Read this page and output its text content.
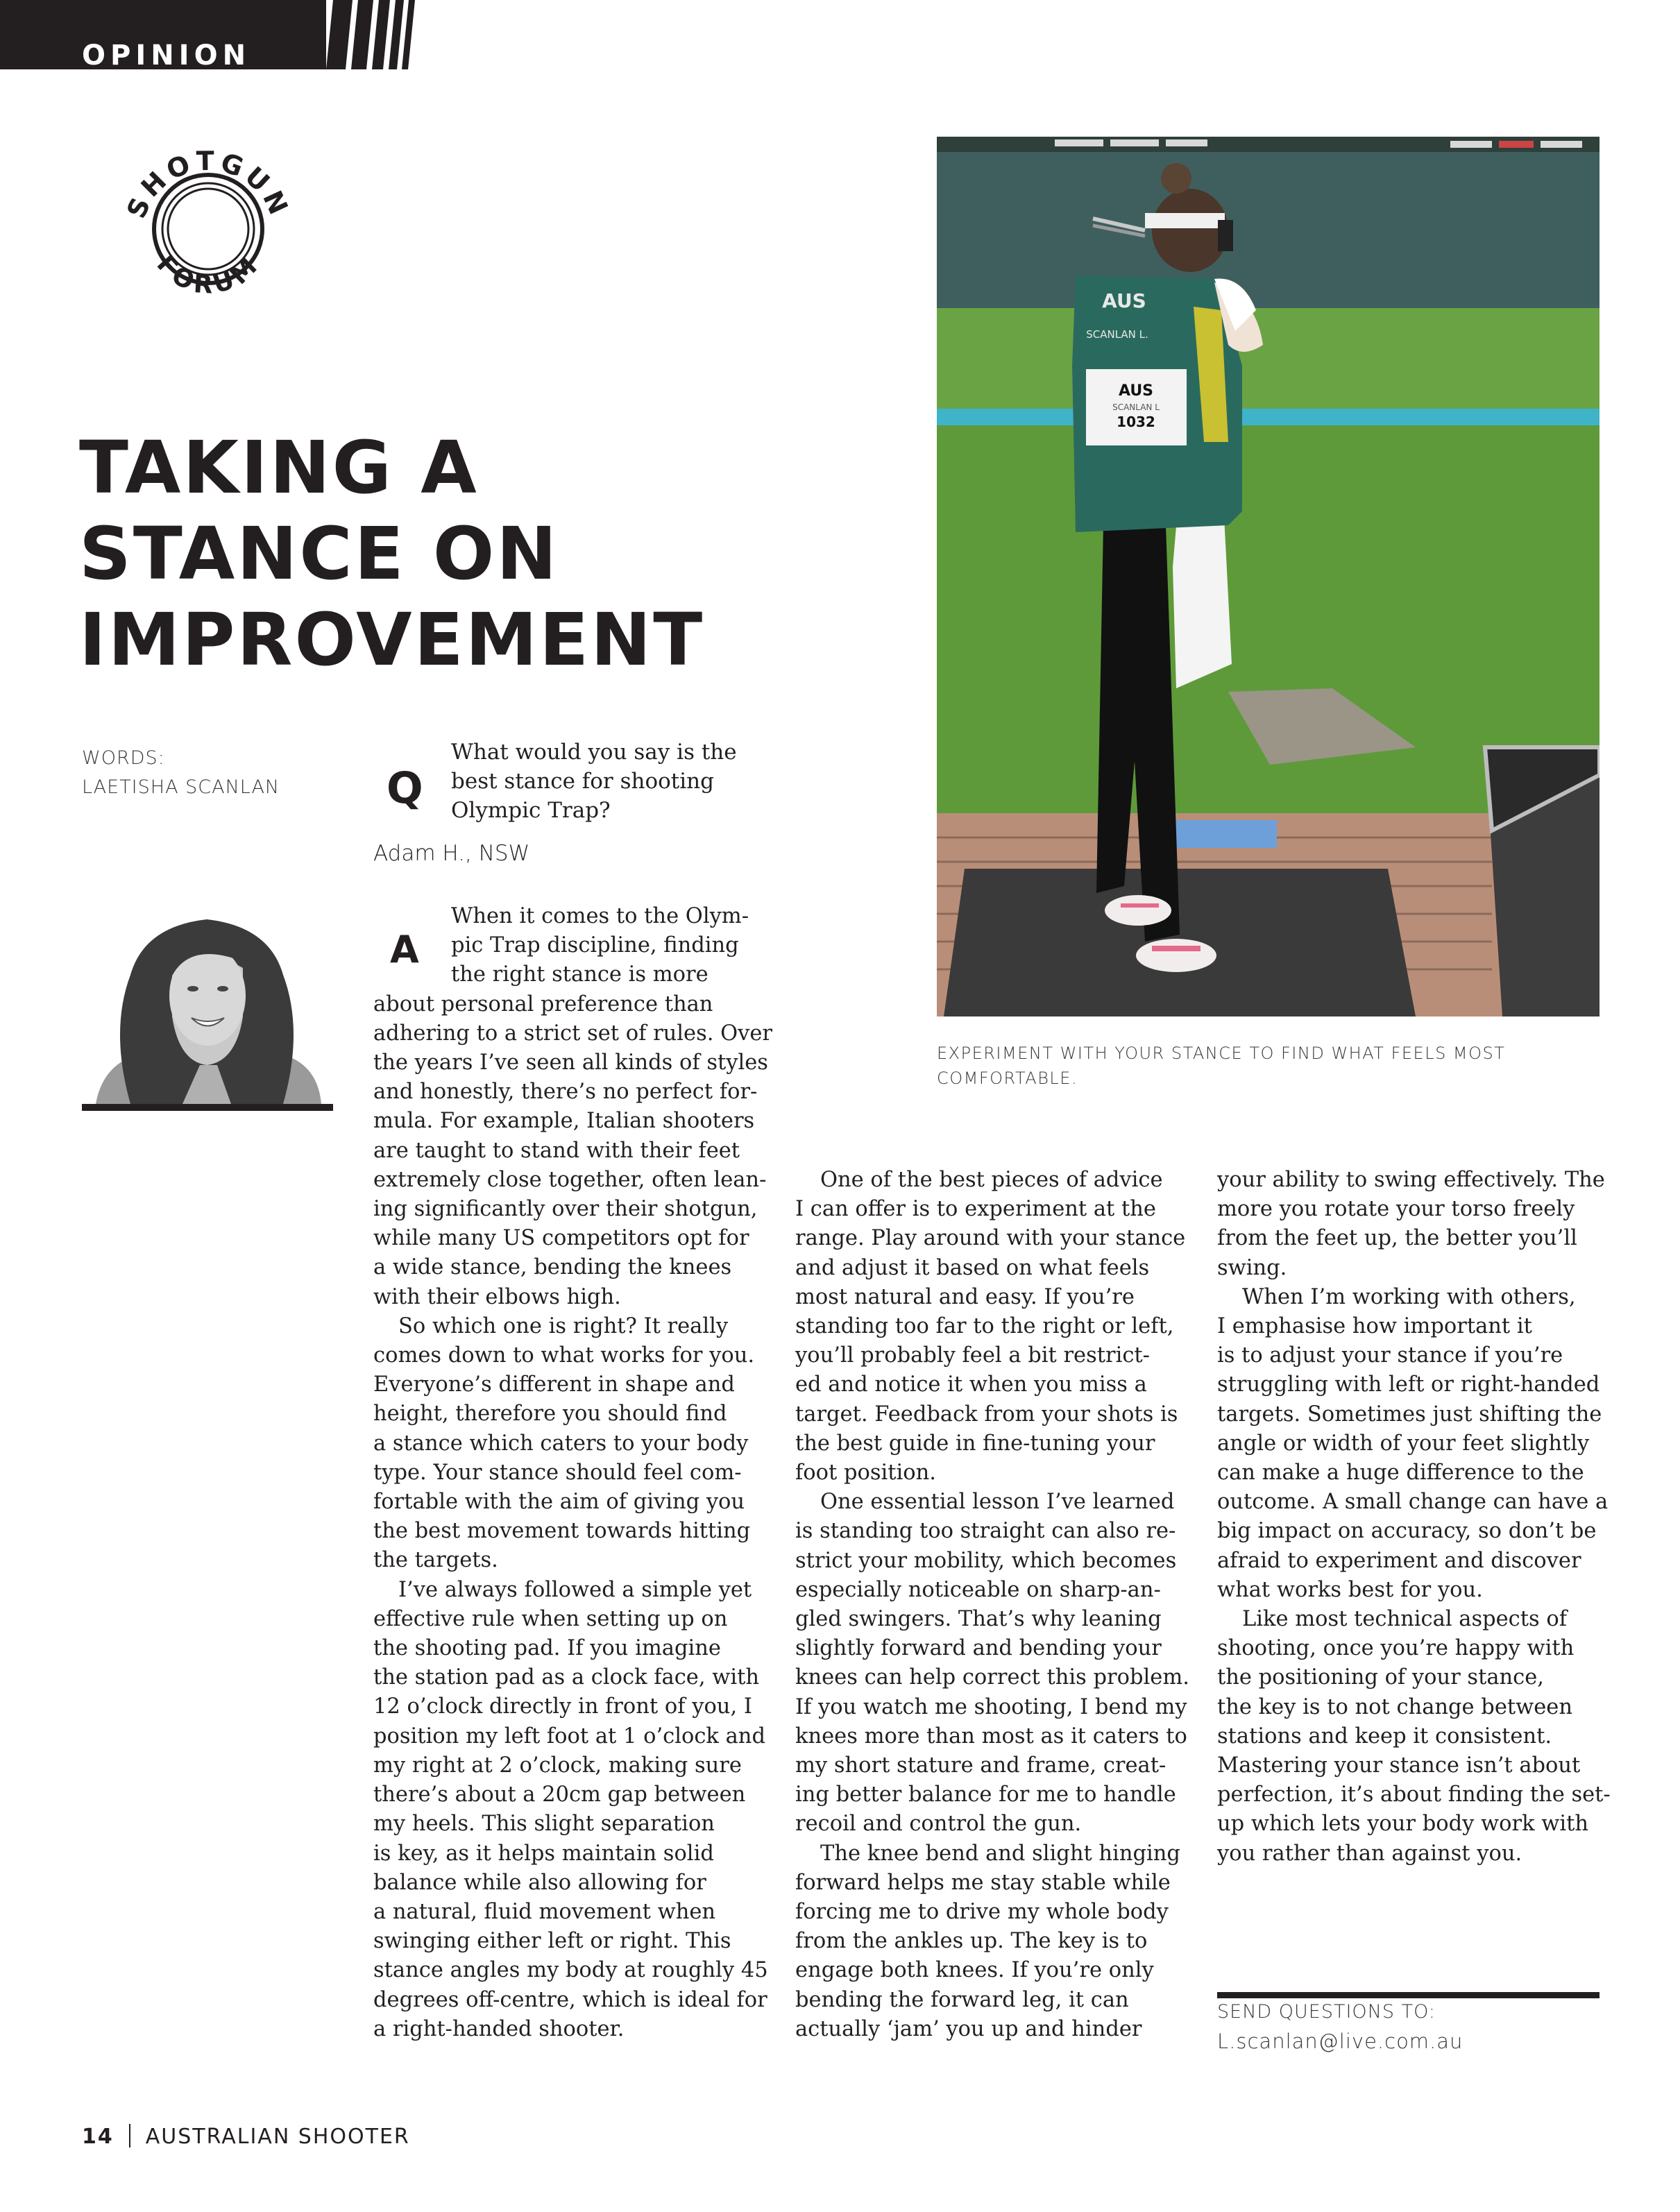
OPINION
SHOTGUN
FORUM
TAKING A
STANCE ON
IMPROVEMENT
WORDS:
LAETISHA SCANLAN Q
What would you say is the
best stance for shooting
Olympic Trap?
Adam H., NSW
A
When it comes to the Olym-
pic Trap discipline, finding
the right stance is more
about personal preference than
adhering to a strict set of rules. Over
the years I’ve seen all kinds of styles
and honestly, there’s no perfect for-
mula. For example, Italian shooters
are taught to stand with their feet
extremely close together, often lean-
ing significantly over their shotgun,
while many US competitors opt for
a wide stance, bending the knees
with their elbows high.
So which one is right? It really
comes down to what works for you.
Everyone’s different in shape and
height, therefore you should find
a stance which caters to your body
type. Your stance should feel com-
fortable with the aim of giving you
the best movement towards hitting
the targets.
I’ve always followed a simple yet
effective rule when setting up on
the shooting pad. If you imagine
the station pad as a clock face, with
12 o’clock directly in front of you, I
position my left foot at 1 o’clock and
my right at 2 o’clock, making sure
there’s about a 20cm gap between
my heels. This slight separation
is key, as it helps maintain solid
balance while also allowing for
a natural, fluid movement when
swinging either left or right. This
stance angles my body at roughly 45
degrees off-centre, which is ideal for
a right-handed shooter.
One of the best pieces of advice
I can offer is to experiment at the
range. Play around with your stance
and adjust it based on what feels
most natural and easy. If you’re
standing too far to the right or left,
you’ll probably feel a bit restrict-
ed and notice it when you miss a
target. Feedback from your shots is
the best guide in fine-tuning your
foot position.
One essential lesson I’ve learned
is standing too straight can also re-
strict your mobility, which becomes
especially noticeable on sharp-an-
gled swingers. That’s why leaning
slightly forward and bending your
knees can help correct this problem.
If you watch me shooting, I bend my
knees more than most as it caters to
my short stature and frame, creat-
ing better balance for me to handle
recoil and control the gun.
The knee bend and slight hinging
forward helps me stay stable while
forcing me to drive my whole body
from the ankles up. The key is to
engage both knees. If you’re only
bending the forward leg, it can
actually ‘jam’ you up and hinder
your ability to swing effectively. The
more you rotate your torso freely
from the feet up, the better you’ll
swing.
When I’m working with others,
I emphasise how important it
is to adjust your stance if you’re
struggling with left or right-handed
targets. Sometimes just shifting the
angle or width of your feet slightly
can make a huge difference to the
outcome. A small change can have a
big impact on accuracy, so don’t be
afraid to experiment and discover
what works best for you.
Like most technical aspects of
shooting, once you’re happy with
the positioning of your stance,
the key is to not change between
stations and keep it consistent.
Mastering your stance isn’t about
perfection, it’s about finding the set-
up which lets your body work with
you rather than against you.
AUS
SCANLAN L
1032
AUS
SCANLAN L.
EXPERIMENT WITH YOUR STANCE TO FIND WHAT FEELS MOST COMFORTABLE.
SEND QUESTIONS TO:
L.scanlan@live.com.au
14 AUSTRALIAN SHOOTER
